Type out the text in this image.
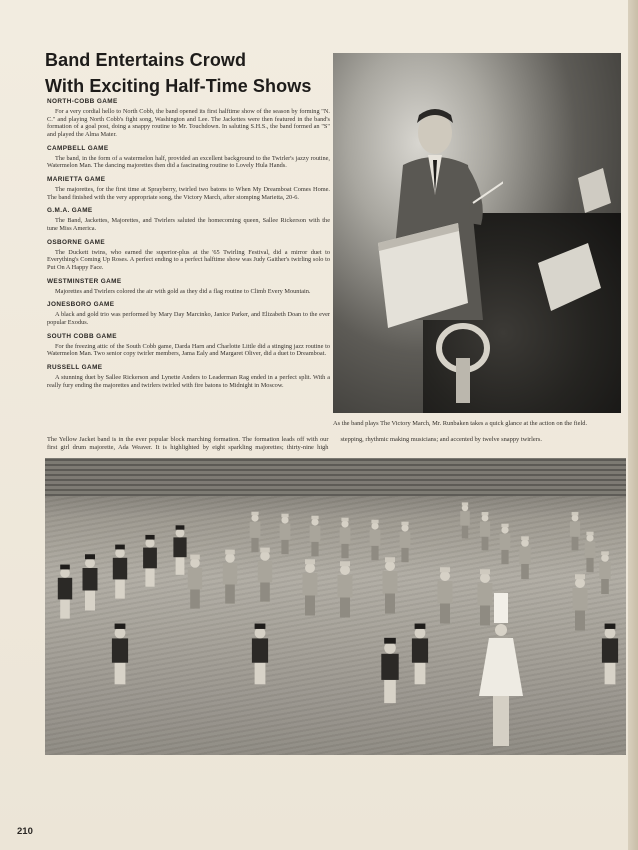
Band Entertains Crowd
With Exciting Half-Time Shows
NORTH-COBB GAME
For a very cordial hello to North Cobb, the band opened its first halftime show of the season by forming "N. C." and playing North Cobb's fight song, Washington and Lee. The Jackettes were then featured in the band's formation of a goal post, doing a snappy routine to Mr. Touchdown. In saluting S.H.S., the band formed an "S" and played the Alma Mater.
CAMPBELL GAME
The band, in the form of a watermelon half, provided an excellent background to the Twirler's jazzy routine, Watermelon Man. The dancing majorettes then did a fascinating routine to Lovely Hula Hands.
MARIETTA GAME
The majorettes, for the first time at Sprayberry, twirled two batons to When My Dreamboat Comes Home. The band finished with the very appropriate song, the Victory March, after stomping Marietta, 20-6.
G.M.A. GAME
The Band, Jackettes, Majorettes, and Twirlers saluted the homecoming queen, Sallee Rickerson with the tune Miss America.
OSBORNE GAME
The Duckett twins, who earned the superior-plus at the '65 Twirling Festival, did a mirror duet to Everything's Coming Up Roses. A perfect ending to a perfect halftime show was Judy Gaither's twirling solo to Put On A Happy Face.
WESTMINSTER GAME
Majorettes and Twirlers colored the air with gold as they did a flag routine to Climb Every Mountain.
JONESBORO GAME
A black and gold trio was performed by Mary Day Marcinko, Janice Parker, and Elizabeth Doan to the ever popular Exodus.
SOUTH COBB GAME
For the freezing attic of the South Cobb game, Darda Harn and Charlotte Little did a stinging jazz routine to Watermelon Man. Two senior copy twirler members, Jama Ealy and Margaret Oliver, did a duet to Dreamboat.
RUSSELL GAME
A stunning duet by Sallee Rickerson and Lynette Anders to Leaderman Rag ended in a perfect split. With a really fury ending the majorettes and twirlers twirled with fire batons to Midnight in Moscow.
As the band plays The Victory March, Mr. Runbaken takes a quick glance at the action on the field.
The Yellow Jacket band is in the ever popular block marching formation. The formation leads off with our first girl drum majorette, Ada Weaver. It is highlighted by eight sparkling majorettes; thirty-nine high stepping, rhythmic making musicians; and accented by twelve snappy twirlers.
210
